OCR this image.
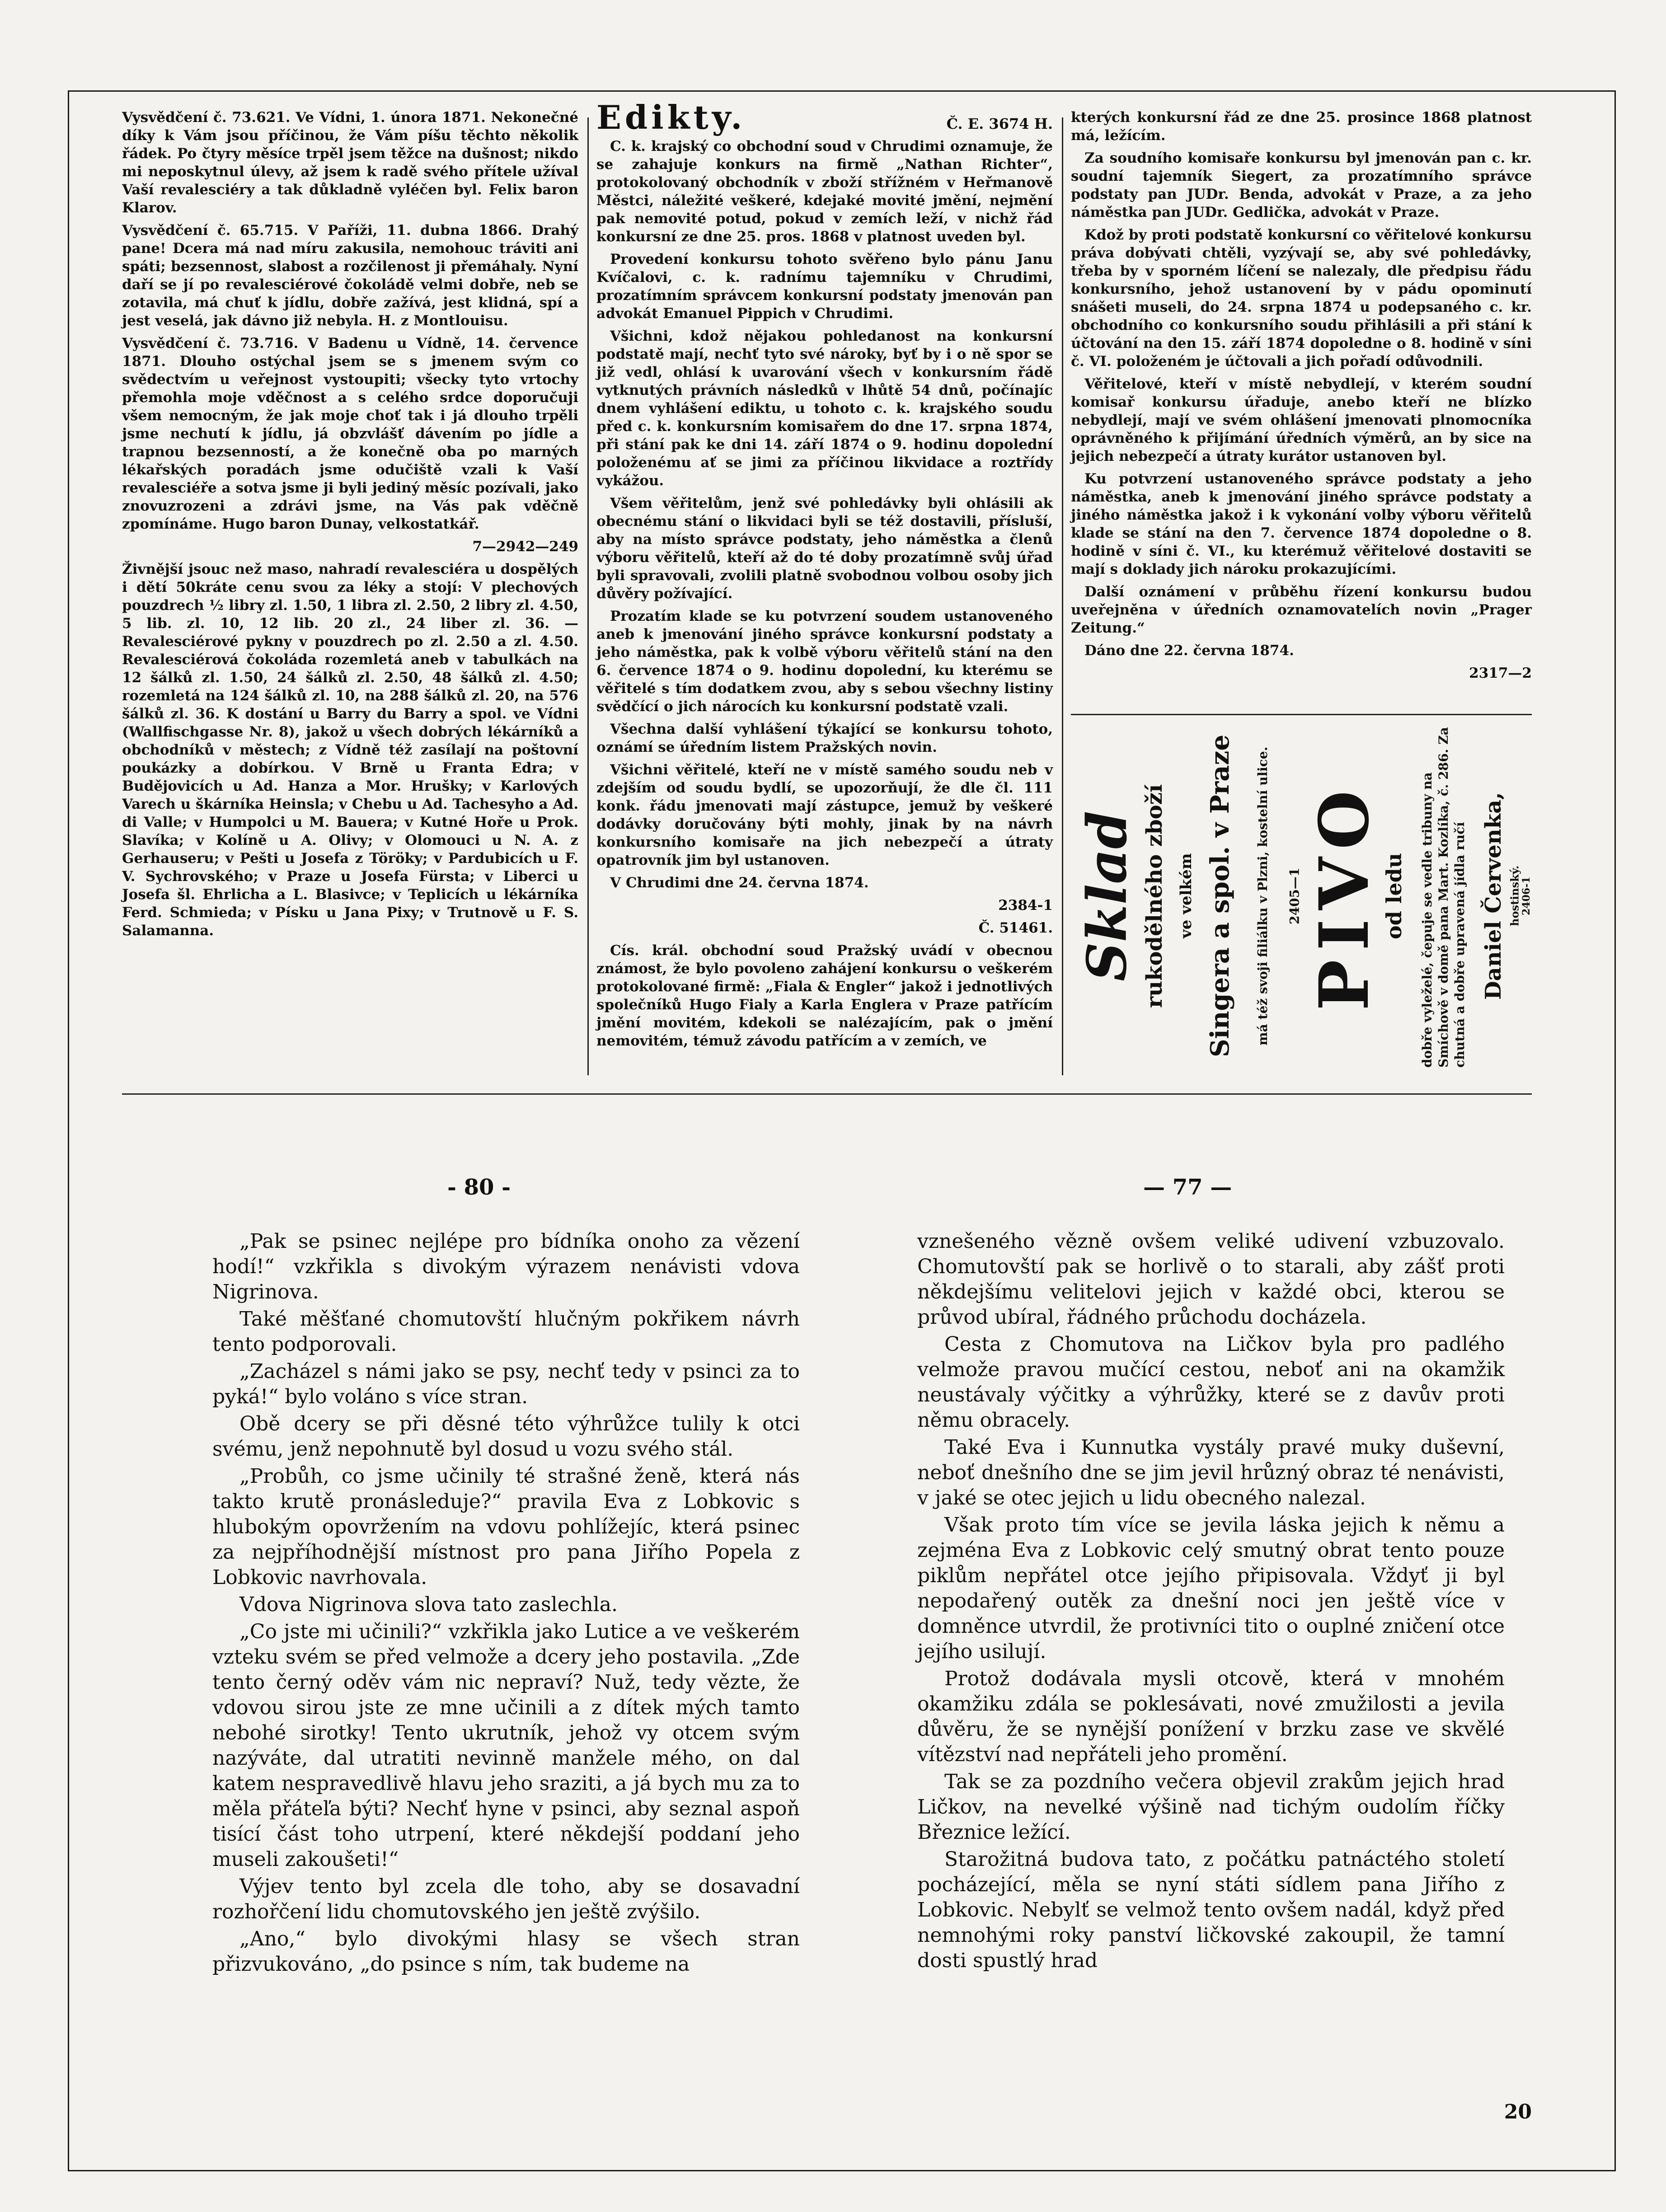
Vysvědčení č. 73.621. Ve Vídni, 1. února 1871. Nekonečné díky k Vám jsou příčinou, že Vám píšu těchto několik řádek. Po čtyry měsíce trpěl jsem těžce na dušnost; nikdo mi neposkytnul úlevy, až jsem k radě svého přítele užíval Vaší revalesciéry a tak důkladně vyléčen byl. Felix baron Klarov.

Vysvědčení č. 65.715. V Paříži, 11. dubna 1866. Drahý pane! Dcera má nad míru zakusila, nemohouc tráviti ani spáti; bezsennost, slabost a rozčilenost ji přemáhaly. Nyní daří se jí po revalesciérové čokoládě velmi dobře, neb se zotavila, má chuť k jídlu, dobře zažívá, jest klidná, spí a jest veselá, jak dávno již nebyla. H. z Montlouisu.

Vysvědčení č. 73.716. V Badenu u Vídně, 14. července 1871. Dlouho ostýchal jsem se s jmenem svým co svědectvím u veřejnost vystoupiti; všecky tyto vrtochy přemohla moje vděčnost a s celého srdce doporučuji všem nemocným, že jak moje choť tak i já dlouho trpěli jsme nechutí k jídlu, já obzvlášť dávením po jídle a trapnou bezsenností, a že konečně oba po marných lékařských poradách jsme odučiště vzali k Vaší revalesciéře a sotva jsme ji byli jediný měsíc pozívali, jako znovuzrozeni a zdrávi jsme, na Vás pak vděčně zpomínáme. Hugo baron Dunay, velkostatkář.

7—2942—249

Živnější jsouc než maso, nahradí revalesciéra u dospělých i dětí 50kráte cenu svou za léky a stojí: V plechových pouzdrech ½ libry zl. 1.50, 1 libra zl. 2.50, 2 libry zl. 4.50, 5 lib. zl. 10, 12 lib. 20 zl., 24 liber zl. 36. — Revalesciérové pykny v pouzdrech po zl. 2.50 a zl. 4.50. Revalesciérová čokoláda rozemletá aneb v tabulkách na 12 šálků zl. 1.50, 24 šálků zl. 2.50, 48 šálků zl. 4.50; rozemletá na 124 šálků zl. 10, na 288 šálků zl. 20, na 576 šálků zl. 36. K dostání u Barry du Barry a spol. ve Vídni (Wallfischgasse Nr. 8), jakož u všech dobrých lékárníků a obchodníků v městech; z Vídně též zasílají na poštovní poukázky a dobírkou. V Brně u Franta Edra; v Budějovicích u Ad. Hanza a Mor. Hrušky; v Karlových Varech u škárníka Heinsla; v Chebu u Ad. Tachesyho a Ad. di Valle; v Humpolci u M. Bauera; v Kutné Hoře u Prok. Slavíka; v Kolíně u A. Olivy; v Olomouci u N. A. z Gerhauseru; v Pešti u Josefa z Töröky; v Pardubicích u F. V. Sychrovského; v Praze u Josefa Fürsta; v Liberci u Josefa šl. Ehrlicha a L. Blasivce; v Teplicích u lékárníka Ferd. Schmieda; v Písku u Jana Pixy; v Trutnově u F. S. Salamanna.

Edikty.	Č. E. 3674 H.

C. k. krajský co obchodní soud v Chrudimi oznamuje, že se zahajuje konkurs na firmě „Nathan Richter“, protokolovaný obchodník v zboží střížném v Heřmanově Městci, náležité veškeré, kdejaké movité jmění, nejmění pak nemovité potud, pokud v zemích leží, v nichž řád konkursní ze dne 25. pros. 1868 v platnost uveden byl.

Provedení konkursu tohoto svěřeno bylo pánu Janu Kvíčalovi, c. k. radnímu tajemníku v Chrudimi, prozatímním správcem konkursní podstaty jmenován pan advokát Emanuel Pippich v Chrudimi.

Všichni, kdož nějakou pohledanost na konkursní podstatě mají, nechť tyto své nároky, byť by i o ně spor se již vedl, ohlásí k uvarování všech v konkursním řádě vytknutých právních následků v lhůtě 54 dnů, počínajíc dnem vyhlášení ediktu, u tohoto c. k. krajského soudu před c. k. konkursním komisařem do dne 17. srpna 1874, při stání pak ke dni 14. září 1874 o 9. hodinu dopolední položenému ať se jimi za příčinou likvidace a roztřídy vykážou.

Všem věřitelům, jenž své pohledávky byli ohlásili ak obecnému stání o likvidaci byli se též dostavili, přísluší, aby na místo správce podstaty, jeho náměstka a členů výboru věřitelů, kteří až do té doby prozatímně svůj úřad byli spravovali, zvolili platně svobodnou volbou osoby jich důvěry požívající.

Prozatím klade se ku potvrzení soudem ustanoveného aneb k jmenování jiného správce konkursní podstaty a jeho náměstka, pak k volbě výboru věřitelů stání na den 6. července 1874 o 9. hodinu dopolední, ku kterému se věřitelé s tím dodatkem zvou, aby s sebou všechny listiny svědčící o jich nárocích ku konkursní podstatě vzali.

Všechna další vyhlášení týkající se konkursu tohoto, oznámí se úředním listem Pražských novin.

Všichni věřitelé, kteří ne v místě samého soudu neb v zdejším od soudu bydlí, se upozorňují, že dle čl. 111 konk. řádu jmenovati mají zástupce, jemuž by veškeré dodávky doručovány býti mohly, jinak by na návrh konkursního komisaře na jich nebezpečí a útraty opatrovník jim byl ustanoven.

V Chrudimi dne 24. června 1874.

2384-1

Č. 51461.

Cís. král. obchodní soud Pražský uvádí v obecnou známost, že bylo povoleno zahájení konkursu o veškerém protokolované firmě: „Fiala & Engler“ jakož i jednotlivých společníků Hugo Fialy a Karla Englera v Praze patřícím jmění movitém, kdekoli se nalézajícím, pak o jmění nemovitém, témuž závodu patřícím a v zemích, ve

kterých konkursní řád ze dne 25. prosince 1868 platnost má, ležícím.

Za soudního komisaře konkursu byl jmenován pan c. kr. soudní tajemník Siegert, za prozatímního správce podstaty pan JUDr. Benda, advokát v Praze, a za jeho náměstka pan JUDr. Gedlička, advokát v Praze.

Kdož by proti podstatě konkursní co věřitelové konkursu práva dobývati chtěli, vyzývají se, aby své pohledávky, třeba by v sporném líčení se nalezaly, dle předpisu řádu konkursního, jehož ustanovení by v pádu opominutí snášeti museli, do 24. srpna 1874 u podepsaného c. kr. obchodního co konkursního soudu přihlásili a při stání k účtování na den 15. září 1874 dopoledne o 8. hodině v síni č. VI. položeném je účtovali a jich pořadí odůvodnili.

Věřitelové, kteří v místě nebydlejí, v kterém soudní komisař konkursu úřaduje, anebo kteří ne blízko nebydlejí, mají ve svém ohlášení jmenovati plnomocníka oprávněného k přijímání úředních výměrů, an by sice na jejich nebezpečí a útraty kurátor ustanoven byl.

Ku potvrzení ustanoveného správce podstaty a jeho náměstka, aneb k jmenování jiného správce podstaty a jiného náměstka jakož i k vykonání volby výboru věřitelů klade se stání na den 7. července 1874 dopoledne o 8. hodině v síni č. VI., ku kterémuž věřitelové dostaviti se mají s doklady jich nároku prokazujícími.

Další oznámení v průběhu řízení konkursu budou uveřejněna v úředních oznamovatelích novin „Prager Zeitung.“

Dáno dne 22. června 1874.

2317—2

Sklad rukodělného zboží ve velkém Singera a spol. v Praze	má též svoji filiálku v Plzni, kostelní ulice.	2405—1 PIVO
od ledu	dobře vyleželé, čepuje se vedle tribuny na Smíchově v domě pana Mart. Kozlíka, č. 286. Za chutná a dobře upravená jídla ručí Daniel Červenka, hostinský.
2406-1
- 80 -	— 77 —

„Pak se psinec nejlépe pro bídníka onoho za vězení hodí!“ vzkřikla s divokým výrazem nenávisti vdova Nigrinova.

Také měšťané chomutovští hlučným pokřikem návrh tento podporovali.

„Zacházel s námi jako se psy, nechť tedy v psinci za to pyká!“ bylo voláno s více stran.

Obě dcery se při děsné této výhrůžce tulily k otci svému, jenž nepohnutě byl dosud u vozu svého stál.

„Probůh, co jsme učinily té strašné ženě, která nás takto krutě pronásleduje?“ pravila Eva z Lobkovic s hlubokým opovržením na vdovu pohlížejíc, která psinec za nejpříhodnější místnost pro pana Jiřího Popela z Lobkovic navrhovala.

Vdova Nigrinova slova tato zaslechla.

„Co jste mi učinili?“ vzkřikla jako Lutice a ve veškerém vzteku svém se před velmože a dcery jeho postavila. „Zde tento černý oděv vám nic nepraví? Nuž, tedy vězte, že vdovou sirou jste ze mne učinili a z dítek mých tamto nebohé sirotky! Tento ukrutník, jehož vy otcem svým nazýváte, dal utratiti nevinně manžele mého, on dal katem nespravedlivě hlavu jeho sraziti, a já bych mu za to měla přáteľa býti? Nechť hyne v psinci, aby seznal aspoň tisící část toho utrpení, které někdejší poddaní jeho museli zakoušeti!“

Výjev tento byl zcela dle toho, aby se dosavadní rozhořčení lidu chomutovského jen ještě zvýšilo.

„Ano,“ bylo divokými hlasy se všech stran přizvukováno, „do psince s ním, tak budeme na

vznešeného vězně ovšem veliké udivení vzbuzovalo. Chomutovští pak se horlivě o to starali, aby zášť proti někdejšímu velitelovi jejich v každé obci, kterou se průvod ubíral, řádného průchodu docházela.

Cesta z Chomutova na Ličkov byla pro padlého velmože pravou mučící cestou, neboť ani na okamžik neustávaly výčitky a výhrůžky, které se z davův proti němu obracely.

Také Eva i Kunnutka vystály pravé muky duševní, neboť dnešního dne se jim jevil hrůzný obraz té nenávisti, v jaké se otec jejich u lidu obecného nalezal.

Však proto tím více se jevila láska jejich k němu a zejména Eva z Lobkovic celý smutný obrat tento pouze piklům nepřátel otce jejího připisovala. Vždyť ji byl nepodařený outěk za dnešní noci jen ještě více v domněnce utvrdil, že protivníci tito o ouplné zničení otce jejího usilují.

Protož dodávala mysli otcově, která v mnohém okamžiku zdála se poklesávati, nové zmužilosti a jevila důvěru, že se nynější ponížení v brzku zase ve skvělé vítězství nad nepřáteli jeho promění.

Tak se za pozdního večera objevil zrakům jejich hrad Ličkov, na nevelké výšině nad tichým oudolím říčky Březnice ležící.

Starožitná budova tato, z počátku patnáctého století pocházející, měla se nyní státi sídlem pana Jiřího z Lobkovic. Nebylť se velmož tento ovšem nadál, když před nemnohými roky panství ličkovské zakoupil, že tamní dosti spustlý hrad

20
